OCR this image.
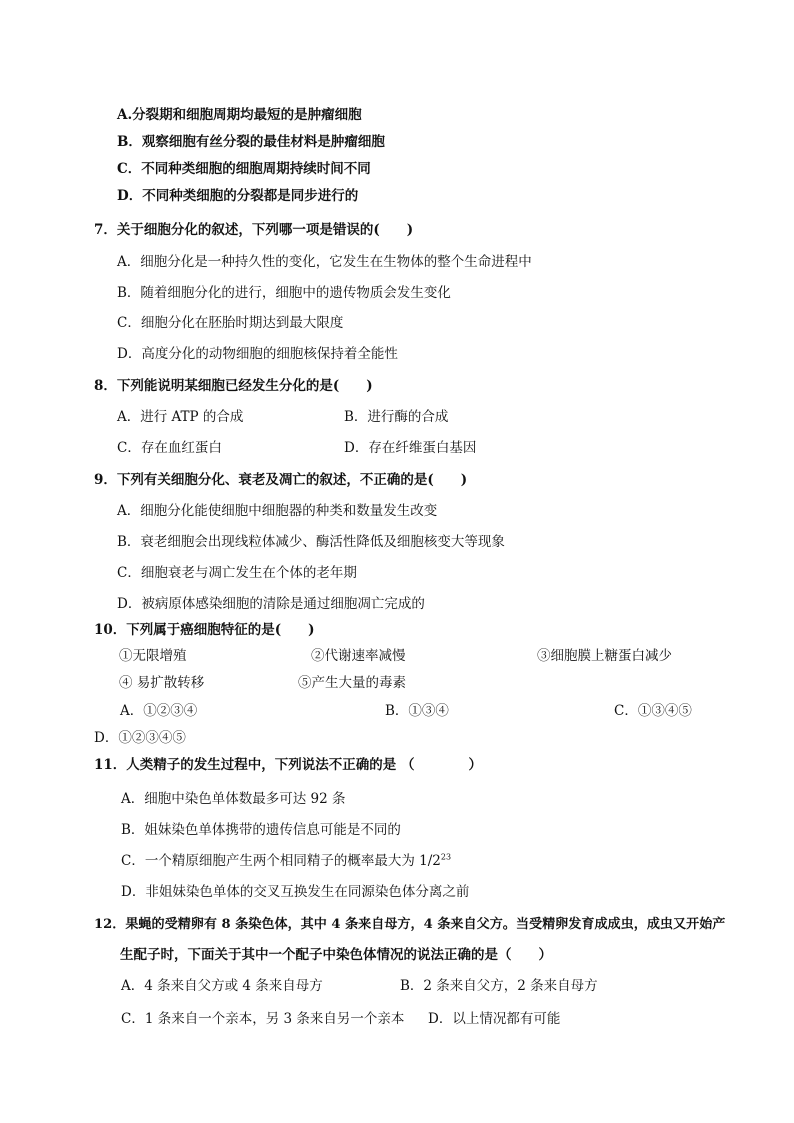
A.分裂期和细胞周期均最短的是肿瘤细胞
B．观察细胞有丝分裂的最佳材料是肿瘤细胞
C．不同种类细胞的细胞周期持续时间不同
D．不同种类细胞的分裂都是同步进行的
7．关于细胞分化的叙述，下列哪一项是错误的(　　)
A．细胞分化是一种持久性的变化，它发生在生物体的整个生命进程中
B．随着细胞分化的进行，细胞中的遗传物质会发生变化
C．细胞分化在胚胎时期达到最大限度
D．高度分化的动物细胞的细胞核保持着全能性
8．下列能说明某细胞已经发生分化的是(　　)
A．进行 ATP 的合成	B．进行酶的合成
C．存在血红蛋白	D．存在纤维蛋白基因
9．下列有关细胞分化、衰老及凋亡的叙述，不正确的是(　　)
A．细胞分化能使细胞中细胞器的种类和数量发生改变
B．衰老细胞会出现线粒体减少、酶活性降低及细胞核变大等现象
C．细胞衰老与凋亡发生在个体的老年期
D．被病原体感染细胞的清除是通过细胞凋亡完成的
10．下列属于癌细胞特征的是(　　)
①无限增殖	②代谢速率减慢	③细胞膜上糖蛋白减少
④ 易扩散转移	⑤产生大量的毒素
A．①②③④	B．①③④	C．①③④⑤
D．①②③④⑤
11．人类精子的发生过程中，下列说法不正确的是 （　　　　）
A．细胞中染色单体数最多可达 92 条
B．姐妹染色单体携带的遗传信息可能是不同的
C．一个精原细胞产生两个相同精子的概率最大为 $1/2^{23}$
D．非姐妹染色单体的交叉互换发生在同源染色体分离之前
12．果蝇的受精卵有 8 条染色体，其中 4 条来自母方，4 条来自父方。当受精卵发育成成虫，成虫又开始产
生配子时，下面关于其中一个配子中染色体情况的说法正确的是（　　）
A．4 条来自父方或 4 条来自母方	B．2 条来自父方，2 条来自母方
C．1 条来自一个亲本，另 3 条来自另一个亲本 D．以上情况都有可能
